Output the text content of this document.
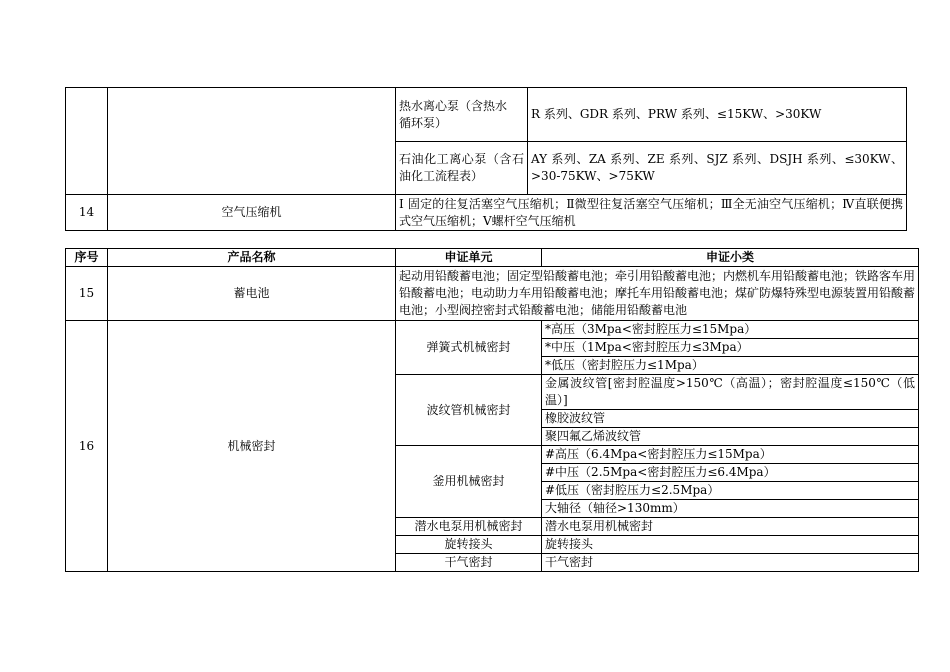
		热水离心泵（含热水
循环泵）	R 系列、GDR 系列、PRW 系列、≤15KW、>30KW
		石油化工离心泵（含石油化工流程表）	AY 系列、ZA 系列、ZE 系列、SJZ 系列、DSJH 系列、≤30KW、>30-75KW、>75KW
14	空气压缩机	Ⅰ 固定的往复活塞空气压缩机；Ⅱ微型往复活塞空气压缩机；Ⅲ全无油空气压缩机；Ⅳ直联便携式空气压缩机；Ⅴ螺杆空气压缩机	
序号	产品名称	申证单元	申证小类
15	蓄电池	起动用铅酸蓄电池；固定型铅酸蓄电池；牵引用铅酸蓄电池；内燃机车用铅酸蓄电池；铁路客车用铅酸蓄电池；电动助力车用铅酸蓄电池；摩托车用铅酸蓄电池；煤矿防爆特殊型电源装置用铅酸蓄电池；小型阀控密封式铅酸蓄电池；储能用铅酸蓄电池	
16	机械密封	弹簧式机械密封	*高压（3Mpa<密封腔压力≤15Mpa）
			*中压（1Mpa<密封腔压力≤3Mpa）
			*低压（密封腔压力≤1Mpa）
		波纹管机械密封	金属波纹管[密封腔温度>150℃（高温）；密封腔温度≤150℃（低温）]
			橡胶波纹管
			聚四氟乙烯波纹管
		釜用机械密封	#高压（6.4Mpa<密封腔压力≤15Mpa）
			#中压（2.5Mpa<密封腔压力≤6.4Mpa）
			#低压（密封腔压力≤2.5Mpa）
			大轴径（轴径>130mm）
		潜水电泵用机械密封	潜水电泵用机械密封
		旋转接头	旋转接头
		干气密封	干气密封
